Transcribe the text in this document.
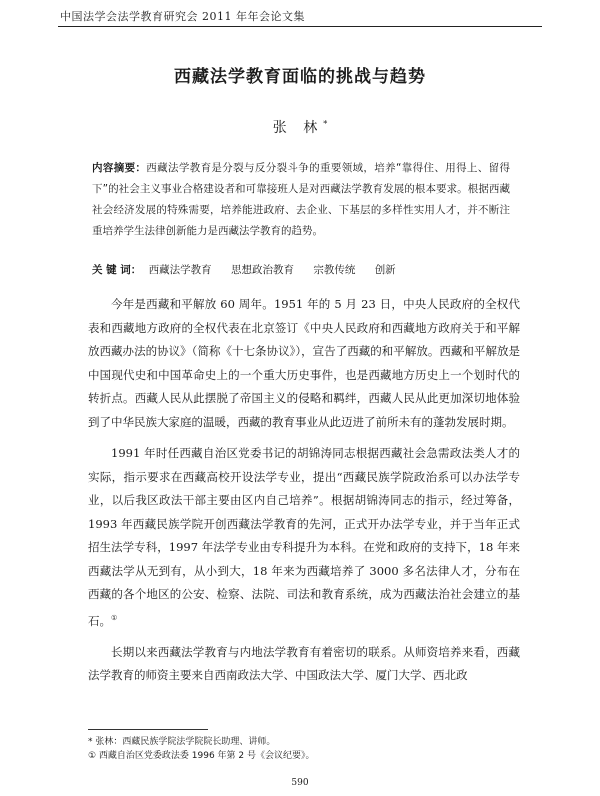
中国法学会法学教育研究会 2011 年年会论文集
西藏法学教育面临的挑战与趋势
张 林*
内容摘要：西藏法学教育是分裂与反分裂斗争的重要领域，培养“靠得住、用得上、留得下”的社会主义事业合格建设者和可靠接班人是对西藏法学教育发展的根本要求。根据西藏社会经济发展的特殊需要，培养能进政府、去企业、下基层的多样性实用人才，并不断注重培养学生法律创新能力是西藏法学教育的趋势。
关 键 词： 西藏法学教育 思想政治教育 宗教传统 创新

今年是西藏和平解放 60 周年。1951 年的 5 月 23 日，中央人民政府的全权代表和西藏地方政府的全权代表在北京签订《中央人民政府和西藏地方政府关于和平解放西藏办法的协议》（简称《十七条协议》），宣告了西藏的和平解放。西藏和平解放是中国现代史和中国革命史上的一个重大历史事件，也是西藏地方历史上一个划时代的转折点。西藏人民从此摆脱了帝国主义的侵略和羁绊，西藏人民从此更加深切地体验到了中华民族大家庭的温暖，西藏的教育事业从此迈进了前所未有的蓬勃发展时期。

1991 年时任西藏自治区党委书记的胡锦涛同志根据西藏社会急需政法类人才的实际，指示要求在西藏高校开设法学专业，提出“西藏民族学院政治系可以办法学专业，以后我区政法干部主要由区内自己培养”。根据胡锦涛同志的指示，经过筹备，1993 年西藏民族学院开创西藏法学教育的先河，正式开办法学专业，并于当年正式招生法学专科，1997 年法学专业由专科提升为本科。在党和政府的支持下，18 年来西藏法学从无到有，从小到大，18 年来为西藏培养了 3000 多名法律人才，分布在西藏的各个地区的公安、检察、法院、司法和教育系统，成为西藏法治社会建立的基石。①

长期以来西藏法学教育与内地法学教育有着密切的联系。从师资培养来看，西藏法学教育的师资主要来自西南政法大学、中国政法大学、厦门大学、西北政

* 张林：西藏民族学院法学院院长助理、讲师。
① 西藏自治区党委政法委 1996 年第 2 号《会议纪要》。
590
